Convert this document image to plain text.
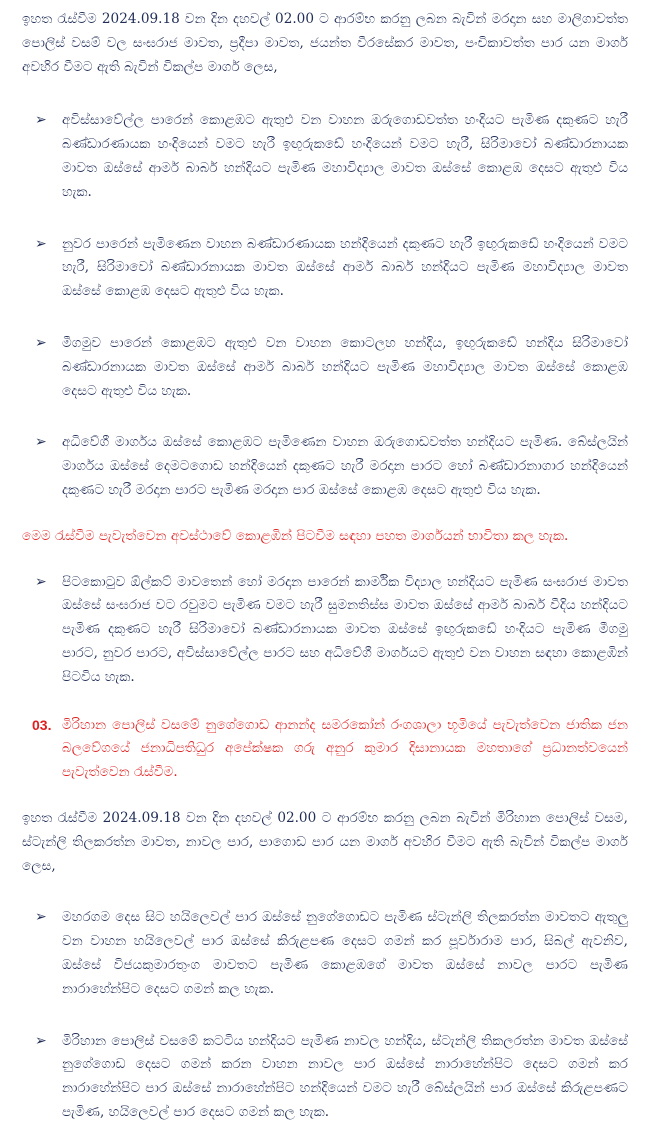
ඉහත රැස්වීම 2024.09.18 වන දින දහවල් 02.00 ට ආරම්භ කරනු ලබන බැවින් මරදාන සහ මාලිගාවත්ත පොලිස් වසම් වල සංඝරාජ මාවත, ප්‍රදීපා මාවත, ජයන්ත වීරසේකර මාවත, පංචිකාවත්ත පාර යන මාර්ග අවහිර වීමට ඇති බැවින් විකල්ප මාර්ග ලෙස,

➢ අවිස්සාවේල්ල පාරෙන් කොළඹට ඇතුළු වන වාහන ඔරුගොඩවත්ත හංදියට පැමිණ දකුණට හැරී බණ්ඩාරණායක හංදියෙන් වමට හැරී ඉඟුරුකඩේ හංදියෙන් වමට හැරී, සිරිමාවෝ බණ්ඩාරනායක මාවත ඔස්සේ ආමර් බාබර් හන්දියට පැමිණ මහාවිද්‍යාල මාවත ඔස්සේ කොළඹ දෙසට ඇතුළු විය හැක.
➢ නුවර පාරෙන් පැමිණෙන වාහන බණ්ඩාරණායක හන්දියෙන් දකුණට හැරී ඉඟුරුකඩේ හංදියෙන් වමට හැරී, සිරිමාවෝ බණ්ඩාරනායක මාවත ඔස්සේ ආමර් බාබර් හන්දියට පැමිණ මහාවිද්‍යාල මාවත ඔස්සේ කොළඹ දෙසට ඇතුළු විය හැක.
➢ මීගමුව පාරෙන් කොළඹට ඇතුළු වන වාහන කොටලහ හන්දිය, ඉඟුරුකඩේ හන්දිය සිරිමාවෝ බණ්ඩාරනායක මාවත ඔස්සේ ආමර් බාබර් හන්දියට පැමිණ මහාවිද්‍යාල මාවත ඔස්සේ කොළඹ දෙසට ඇතුළු විය හැක.
➢ අධිවේගී මාර්ගය ඔස්සේ කොළඹට පැමිණෙන වාහන ඔරුගොඩවත්ත හන්දියට පැමිණ. බේස්ලයින් මාර්ගය ඔස්සේ දෙමටගොඩ හන්දියෙන් දකුණට හැරී මරදාන පාරට හෝ බණ්ඩාරනාගාර හන්දියෙන් දකුණට හැරී මරදාන පාරට පැමිණ මරදාන පාර ඔස්සේ කොළඹ දෙසට ඇතුළු විය හැක.

මෙම රැස්වීම පැවැත්වෙන අවස්ථාවේ කොළඹින් පිටවීම සඳහා පහත මාර්ගයන් භාවිතා කල හැක.

➢ පිටකොටුව ඕල්කට් මාවතෙන් හෝ මරදාන පාරෙන් කාර්මික විද්‍යාල හන්දියට පැමිණ සංඝරාජ මාවත ඔස්සේ සංඝරාජ වට රවුමට පැමිණ වමට හැරී සුමනතිස්ස මාවත ඔස්සේ ආමර් බාබර් වීදිය හන්දියට පැමිණ දකුණට හැරී සිරිමාවෝ බණ්ඩාරනායක මාවත ඔස්සේ ඉඟුරුකඩේ හංදියට පැමිණ මීගමු පාරට, නුවර පාරට, අවිස්සාවේල්ල පාරට සහ අධිවේගී මාර්ගයට ඇතුළු වන වාහන සඳහා කොළඹින් පිටවිය හැක.
03. මිරිහාන පොලිස් වසමේ නුගේගොඩ ආනන්ද සමරකෝන් රංගශාලා භූමියේ පැවැත්වෙන ජාතික ජන බලවේගයේ ජනාධිපතිධුර අපේක්ෂක ගරු අනුර කුමාර දිසානායක මහතාගේ ප්‍රධානත්වයෙන් පැවැත්වෙන රැස්වීම.

ඉහත රැස්වීම 2024.09.18 වන දින දහවල් 02.00 ට ආරම්භ කරනු ලබන බැවින් මිරිහාන පොලිස් වසම, ස්ටැන්ලි තිලකරත්න මාවත, නාවල පාර, පාගොඩ පාර යන මාර්ග අවහිර වීමට ඇති බැවින් විකල්ප මාර්ග ලෙස,

➢ මහරගම දෙස සිට හයිලෙවල් පාර ඔස්සේ නුගේගොඩට පැමිණ ස්ටැන්ලි තිලකරත්න මාවතට ඇතුලු වන වාහන හයිලෙවල් පාර ඔස්සේ කිරුළපණ දෙසට ගමන් කර පූර්වාරාම පාර, සිබල් ඇවනිව, ඔස්සේ විජයකුමාරතුංග මාවතට පැමිණ කොළඹගේ මාවත ඔස්සේ නාවල පාරට පැමිණ නාරාහේන්පිට දෙසට ගමන් කල හැක.
➢ මිරිහාන පොලිස් වසමේ කටටිය හන්දියට පැමිණ නාවල හන්දිය, ස්ටැන්ලි තිකලරත්න මාවත ඔස්සේ නුගේගොඩ දෙසට ගමන් කරන වාහන නාවල පාර ඔස්සේ නාරාහේන්පිට දෙසට ගමන් කර නාරාහේන්පිට පාර ඔස්සේ නාරාහේන්පිට හන්දියෙන් වමට හැරී බේස්ලයින් පාර ඔස්සේ කිරුළපණට පැමිණ, හයිලෙවල් පාර දෙසට ගමන් කල හැක.
